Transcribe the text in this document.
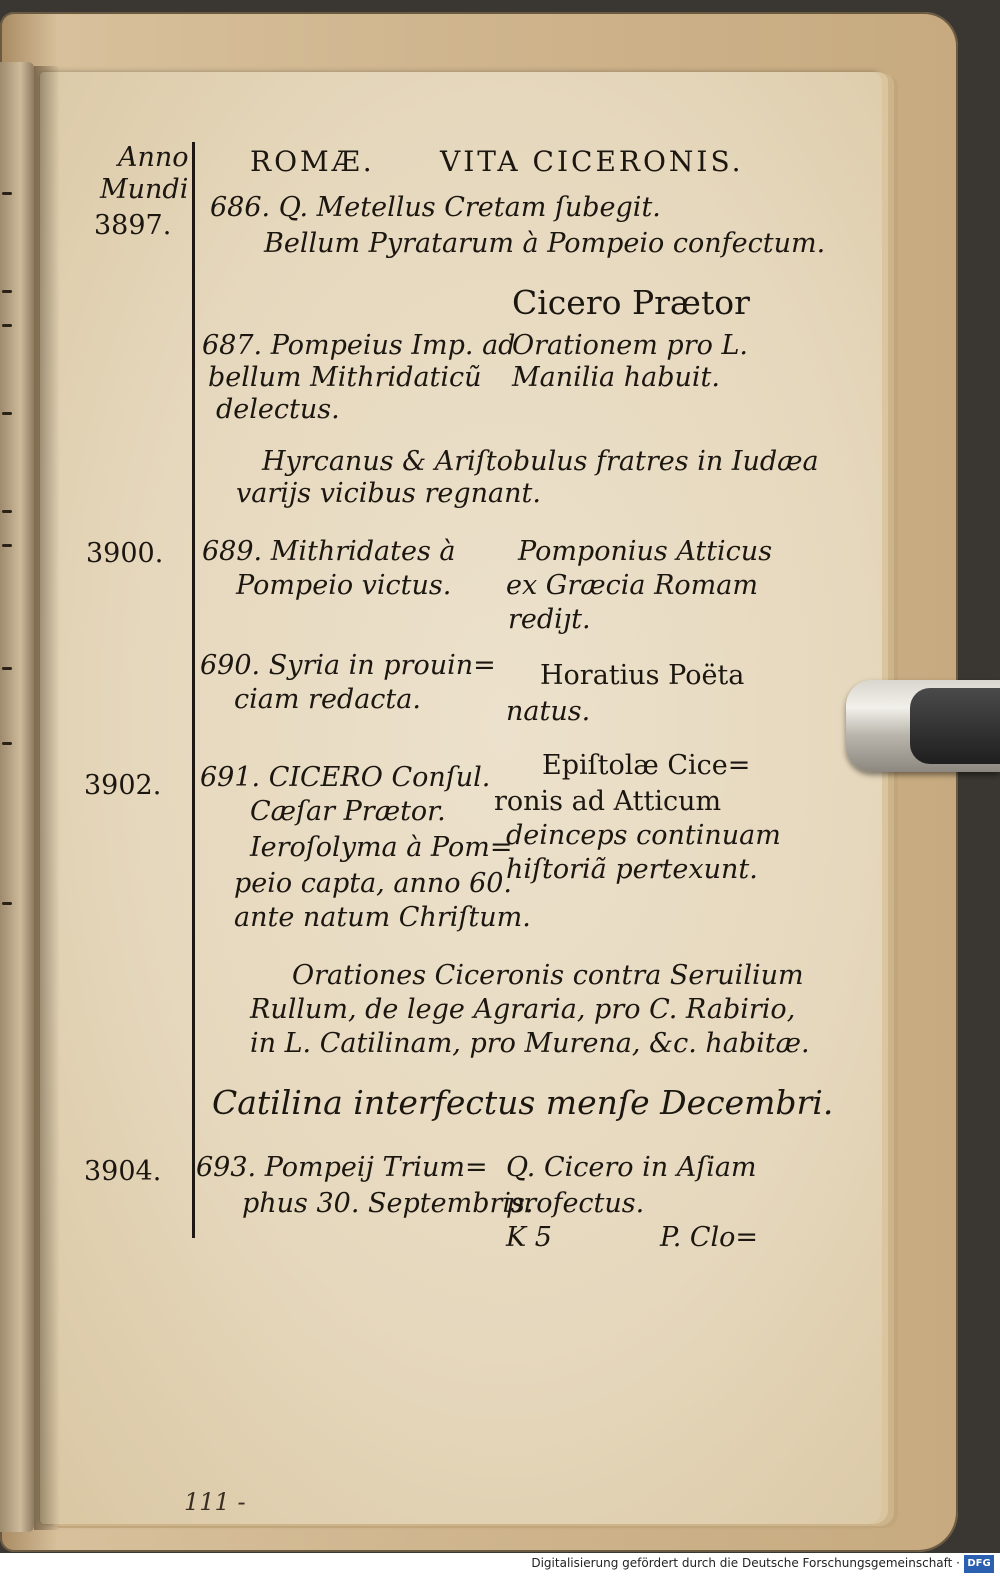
Anno
Mundi
3897.
3900.
3902.
3904.
ROMÆ. VITA CICERONIS.
686. Q. Metellus Cretam ſubegit.
Bellum Pyratarum à Pompeio confectum.
Cicero Prætor
687. Pompeius Imp. ad
bellum Mithridaticũ
delectus.
Orationem pro L.
Manilia habuit.
Hyrcanus & Ariſtobulus fratres in Iudæa
varijs vicibus regnant.
689. Mithridates à
Pompeio victus.
Pomponius Atticus
ex Græcia Romam
rediȷt.
690. Syria in prouin=
ciam redacta.
Horatius Poëta
natus.
691. CICERO Conſul.
Cæſar Prætor.
Ieroſolyma à Pom=
peio capta, anno 60.
ante natum Chriſtum.
Epiſtolæ Cice=
ronis ad Atticum
deinceps continuam
hiſtoriã pertexunt.
Orationes Ciceronis contra Seruilium
Rullum, de lege Agraria, pro C. Rabirio,
in L. Catilinam, pro Murena, &c. habitæ.
Catilina interfectus menſe Decembri.
693. Pompeij Trium=
phus 30. Septembris.
Q. Cicero in Aſiam
profectus.
K 5	P. Clo=
111 -
Digitalisierung gefördert durch die Deutsche Forschungsgemeinschaft · DFG
